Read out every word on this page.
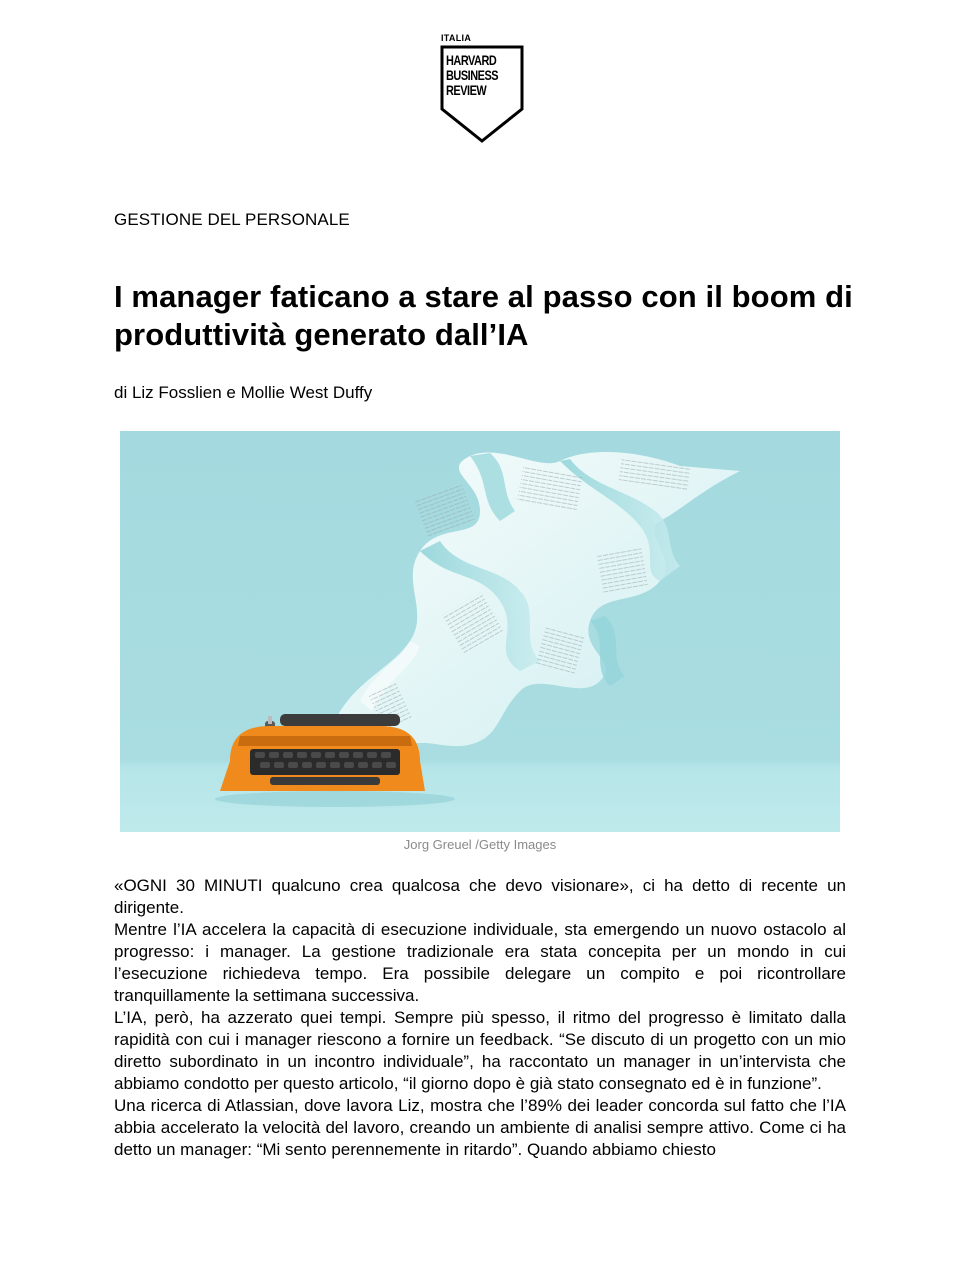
ITALIA
HARVARD
BUSINESS
REVIEW
GESTIONE DEL PERSONALE
I manager faticano a stare al passo con il boom di produttività generato dall’IA
di Liz Fosslien e Mollie West Duffy
Jorg Greuel /Getty Images

«OGNI 30 MINUTI qualcuno crea qualcosa che devo visionare», ci ha detto di recente un dirigente.

Mentre l’IA accelera la capacità di esecuzione individuale, sta emergendo un nuovo ostacolo al progresso: i manager. La gestione tradizionale era stata concepita per un mondo in cui l’esecuzione richiedeva tempo. Era possibile delegare un compito e poi ricontrollare tranquillamente la settimana successiva.

L’IA, però, ha azzerato quei tempi. Sempre più spesso, il ritmo del progresso è limitato dalla rapidità con cui i manager riescono a fornire un feedback. “Se discuto di un progetto con un mio diretto subordinato in un incontro individuale”, ha raccontato un manager in un’intervista che abbiamo condotto per questo articolo, “il giorno dopo è già stato consegnato ed è in funzione”.

Una ricerca di Atlassian, dove lavora Liz, mostra che l’89% dei leader concorda sul fatto che l’IA abbia accelerato la velocità del lavoro, creando un ambiente di analisi sempre attivo. Come ci ha detto un manager: “Mi sento perennemente in ritardo”. Quando abbiamo chiesto
